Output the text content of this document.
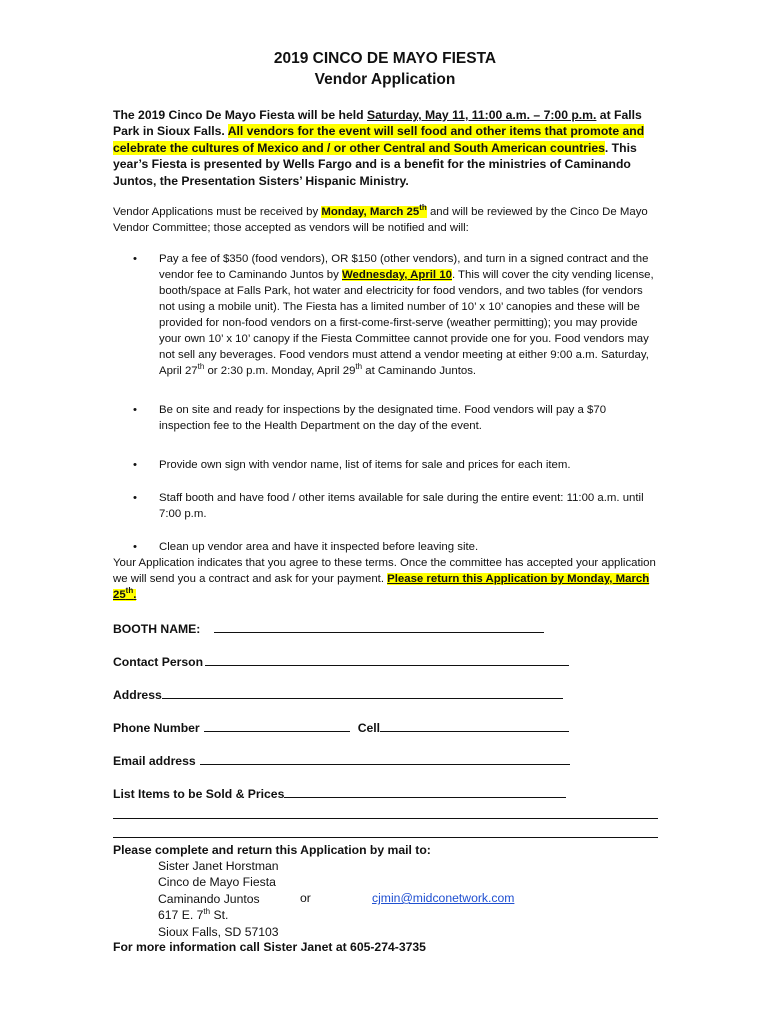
2019 CINCO DE MAYO FIESTA
Vendor Application
The 2019 Cinco De Mayo Fiesta will be held Saturday, May 11, 11:00 a.m. – 7:00 p.m. at Falls Park in Sioux Falls. All vendors for the event will sell food and other items that promote and celebrate the cultures of Mexico and / or other Central and South American countries. This year’s Fiesta is presented by Wells Fargo and is a benefit for the ministries of Caminando Juntos, the Presentation Sisters’ Hispanic Ministry.
Vendor Applications must be received by Monday, March 25th and will be reviewed by the Cinco De Mayo Vendor Committee; those accepted as vendors will be notified and will:
• Pay a fee of $350 (food vendors), OR $150 (other vendors), and turn in a signed contract and the vendor fee to Caminando Juntos by Wednesday, April 10. This will cover the city vending license, booth/space at Falls Park, hot water and electricity for food vendors, and two tables (for vendors not using a mobile unit). The Fiesta has a limited number of 10’ x 10’ canopies and these will be provided for non-food vendors on a first-come-first-serve (weather permitting); you may provide your own 10’ x 10’ canopy if the Fiesta Committee cannot provide one for you. Food vendors may not sell any beverages. Food vendors must attend a vendor meeting at either 9:00 a.m. Saturday, April 27th or 2:30 p.m. Monday, April 29th at Caminando Juntos.
• Be on site and ready for inspections by the designated time. Food vendors will pay a $70 inspection fee to the Health Department on the day of the event.
• Provide own sign with vendor name, list of items for sale and prices for each item.
• Staff booth and have food / other items available for sale during the entire event: 11:00 a.m. until 7:00 p.m.
• Clean up vendor area and have it inspected before leaving site.
Your Application indicates that you agree to these terms. Once the committee has accepted your application we will send you a contract and ask for your payment. Please return this Application by Monday, March 25th.
BOOTH NAME:
Contact Person
Address
Phone Number	Cell
Email address
List Items to be Sold & Prices
Please complete and return this Application by mail to:
Sister Janet Horstman
Cinco de Mayo Fiesta
Caminando Juntos	or	cjmin@midconetwork.com
617 E. 7th St.
Sioux Falls, SD 57103
For more information call Sister Janet at 605-274-3735
